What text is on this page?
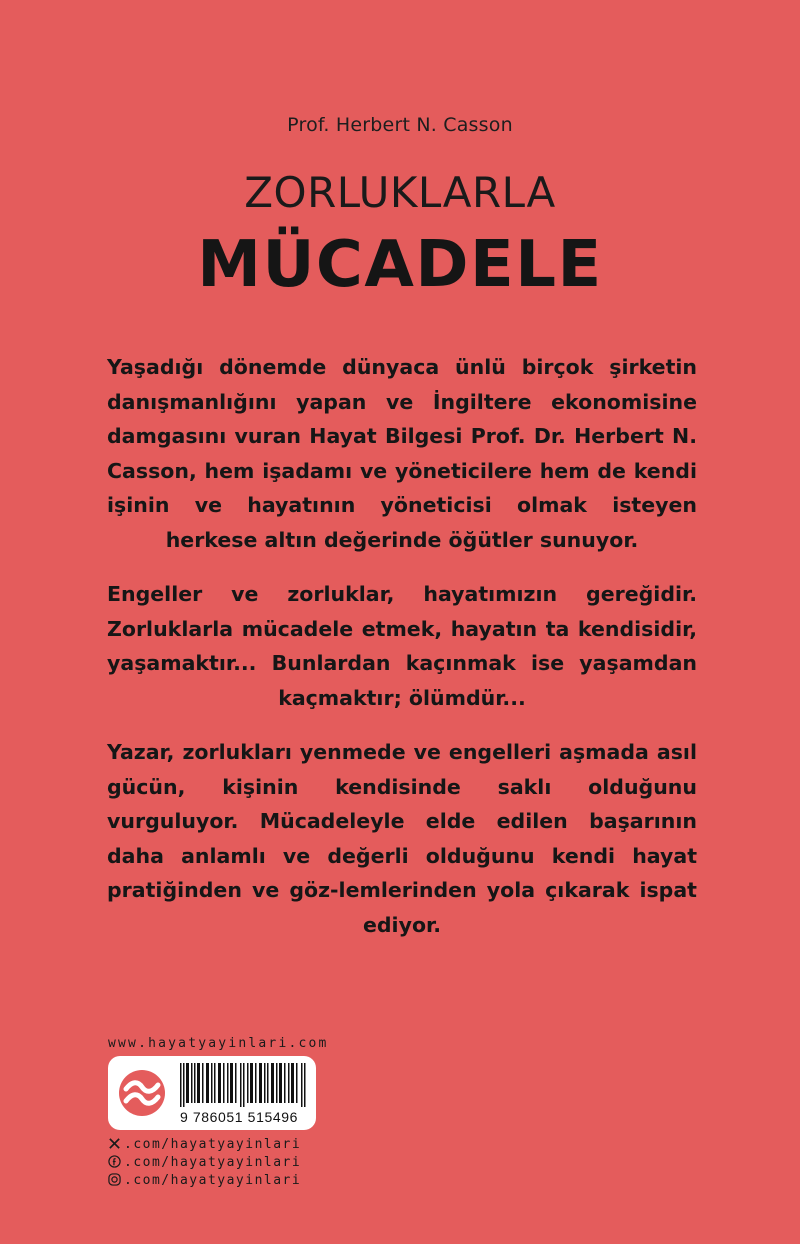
Prof. Herbert N. Casson
ZORLUKLARLA
MÜCADELE

Yaşadığı dönemde dünyaca ünlü birçok şirketin danışmanlığını yapan ve İngiltere ekonomisine damgasını vuran Hayat Bilgesi Prof. Dr. Herbert N. Casson, hem işadamı ve yöneticilere hem de kendi işinin ve hayatının yöneticisi olmak isteyen herkese altın değerinde öğütler sunuyor.

Engeller ve zorluklar, hayatımızın gereğidir. Zorluklarla mücadele etmek, hayatın ta kendisidir, yaşamaktır... Bunlardan kaçınmak ise yaşamdan kaçmaktır; ölümdür...

Yazar, zorlukları yenmede ve engelleri aşmada asıl gücün, kişinin kendisinde saklı olduğunu vurguluyor. Mücadeleyle elde edilen başarının daha anlamlı ve değerli olduğunu kendi hayat pratiğinden ve göz-lemlerinden yola çıkarak ispat ediyor.

www.hayatyayinlari.com
9 786051 515496
.com/hayatyayinlari
.com/hayatyayinlari
.com/hayatyayinlari
